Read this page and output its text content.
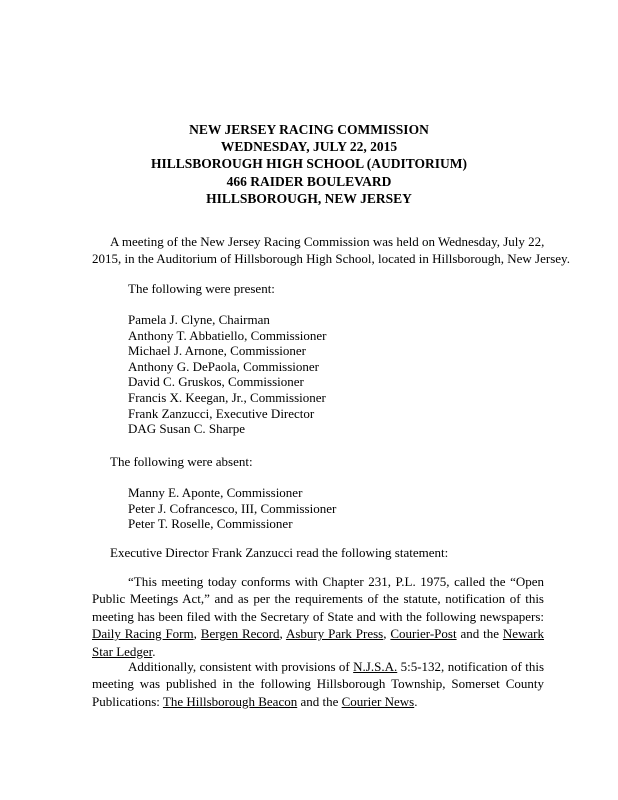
NEW JERSEY RACING COMMISSION
WEDNESDAY, JULY 22, 2015
HILLSBOROUGH HIGH SCHOOL (AUDITORIUM)
466 RAIDER BOULEVARD
HILLSBOROUGH, NEW JERSEY
A meeting of the New Jersey Racing Commission was held on Wednesday, July 22,
2015, in the Auditorium of Hillsborough High School, located in Hillsborough, New Jersey.
The following were present:
Pamela J. Clyne, Chairman
Anthony T. Abbatiello, Commissioner
Michael J. Arnone, Commissioner
Anthony G. DePaola, Commissioner
David C. Gruskos, Commissioner
Francis X. Keegan, Jr., Commissioner
Frank Zanzucci, Executive Director
DAG Susan C. Sharpe
The following were absent:
Manny E. Aponte, Commissioner
Peter J. Cofrancesco, III, Commissioner
Peter T. Roselle, Commissioner
Executive Director Frank Zanzucci read the following statement:
“This meeting today conforms with Chapter 231, P.L. 1975, called the “Open Public Meetings Act,” and as per the requirements of the statute, notification of this meeting has been filed with the Secretary of State and with the following newspapers: Daily Racing Form, Bergen Record, Asbury Park Press, Courier-Post and the Newark Star Ledger.
Additionally, consistent with provisions of N.J.S.A. 5:5-132, notification of this meeting was published in the following Hillsborough Township, Somerset County Publications: The Hillsborough Beacon and the Courier News.
